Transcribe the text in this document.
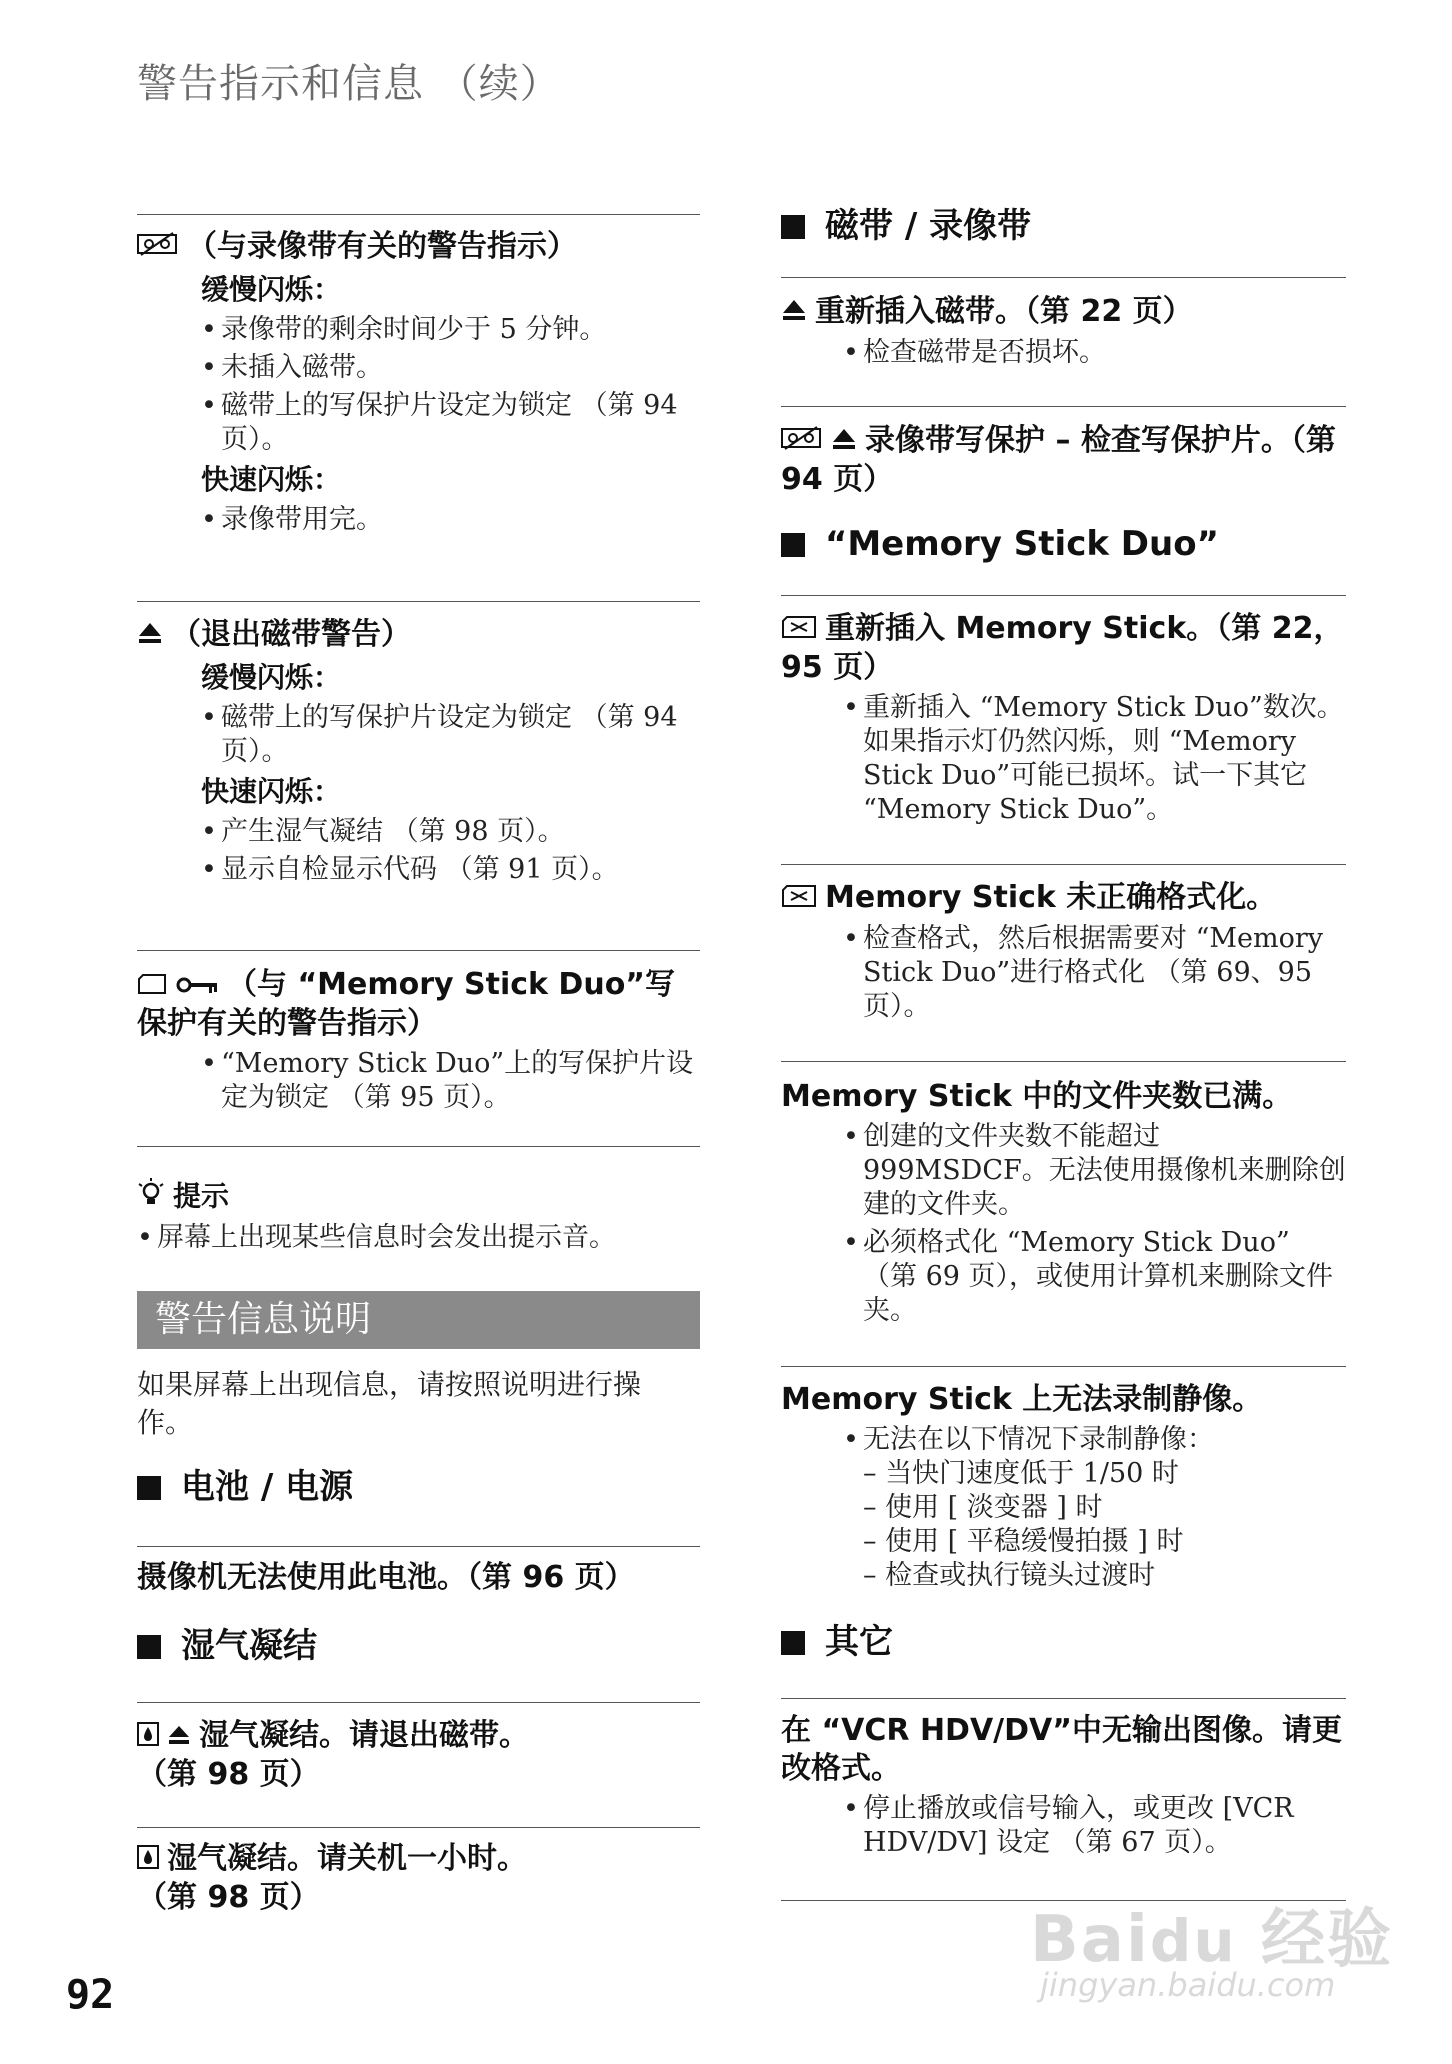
警告指示和信息 （续）
（与录像带有关的警告指示）
缓慢闪烁：
• 录像带的剩余时间少于 5 分钟。
• 未插入磁带。
• 磁带上的写保护片设定为锁定 （第 94 页）。
快速闪烁：
• 录像带用完。
（退出磁带警告）
缓慢闪烁：
• 磁带上的写保护片设定为锁定 （第 94 页）。
快速闪烁：
• 产生湿气凝结 （第 98 页）。
• 显示自检显示代码 （第 91 页）。
（与 “Memory Stick Duo”写保护有关的警告指示）
• “Memory Stick Duo”上的写保护片设定为锁定 （第 95 页）。
提示
• 屏幕上出现某些信息时会发出提示音。
警告信息说明
如果屏幕上出现信息，请按照说明进行操作。
电池 / 电源
摄像机无法使用此电池。（第 96 页）
湿气凝结
湿气凝结。请退出磁带。（第 98 页）
湿气凝结。请关机一小时。（第 98 页）
磁带 / 录像带
重新插入磁带。（第 22 页）
• 检查磁带是否损坏。
录像带写保护 – 检查写保护片。（第 94 页）
“Memory Stick Duo”
重新插入 Memory Stick。（第 22，95 页）
• 重新插入 “Memory Stick Duo”数次。如果指示灯仍然闪烁，则 “Memory Stick Duo”可能已损坏。试一下其它 “Memory Stick Duo”。
Memory Stick 未正确格式化。
• 检查格式，然后根据需要对 “Memory Stick Duo”进行格式化 （第 69、95 页）。
Memory Stick 中的文件夹数已满。
• 创建的文件夹数不能超过 999MSDCF。无法使用摄像机来删除创建的文件夹。
• 必须格式化 “Memory Stick Duo” （第 69 页），或使用计算机来删除文件夹。
Memory Stick 上无法录制静像。
• 无法在以下情况下录制静像：
– 当快门速度低于 1/50 时
– 使用 [ 淡变器 ] 时
– 使用 [ 平稳缓慢拍摄 ] 时
– 检查或执行镜头过渡时
其它
在 “VCR HDV/DV”中无输出图像。请更改格式。
• 停止播放或信号输入，或更改 [VCR HDV/DV] 设定 （第 67 页）。
92
Baidu 经验
jingyan.baidu.com
